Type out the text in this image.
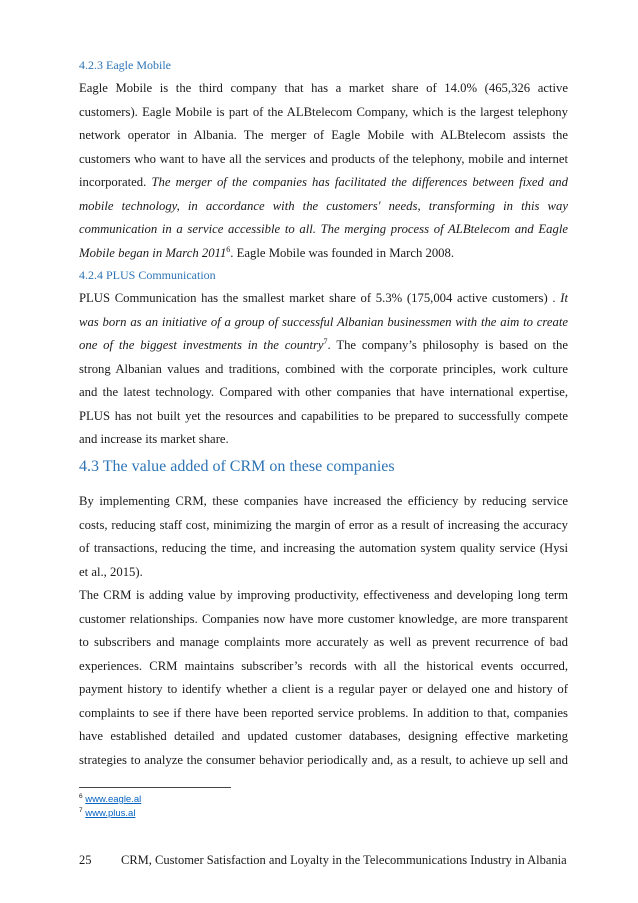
4.2.3 Eagle Mobile
Eagle Mobile is the third company that has a market share of 14.0% (465,326 active
customers). Eagle Mobile is part of the ALBtelecom Company, which is the largest telephony
network operator in Albania. The merger of Eagle Mobile with ALBtelecom assists the
customers who want to have all the services and products of the telephony, mobile and internet
incorporated. The merger of the companies has facilitated the differences between fixed and
mobile technology, in accordance with the customers' needs, transforming in this way
communication in a service accessible to all. The merging process of ALBtelecom and Eagle
Mobile began in March 2011$^6$. Eagle Mobile was founded in March 2008.
4.2.4 PLUS Communication
PLUS Communication has the smallest market share of 5.3% (175,004 active customers) . It
was born as an initiative of a group of successful Albanian businessmen with the aim to create
one of the biggest investments in the country$^7$. The company’s philosophy is based on the
strong Albanian values and traditions, combined with the corporate principles, work culture
and the latest technology. Compared with other companies that have international expertise,
PLUS has not built yet the resources and capabilities to be prepared to successfully compete
and increase its market share.
4.3 The value added of CRM on these companies
By implementing CRM, these companies have increased the efficiency by reducing service
costs, reducing staff cost, minimizing the margin of error as a result of increasing the accuracy
of transactions, reducing the time, and increasing the automation system quality service (Hysi
et al., 2015).
The CRM is adding value by improving productivity, effectiveness and developing long term
customer relationships. Companies now have more customer knowledge, are more transparent
to subscribers and manage complaints more accurately as well as prevent recurrence of bad
experiences. CRM maintains subscriber’s records with all the historical events occurred,
payment history to identify whether a client is a regular payer or delayed one and history of
complaints to see if there have been reported service problems. In addition to that, companies
have established detailed and updated customer databases, designing effective marketing
strategies to analyze the consumer behavior periodically and, as a result, to achieve up sell and
$^6$ www.eagle.al
$^7$ www.plus.al
25 CRM, Customer Satisfaction and Loyalty in the Telecommunications Industry in Albania
